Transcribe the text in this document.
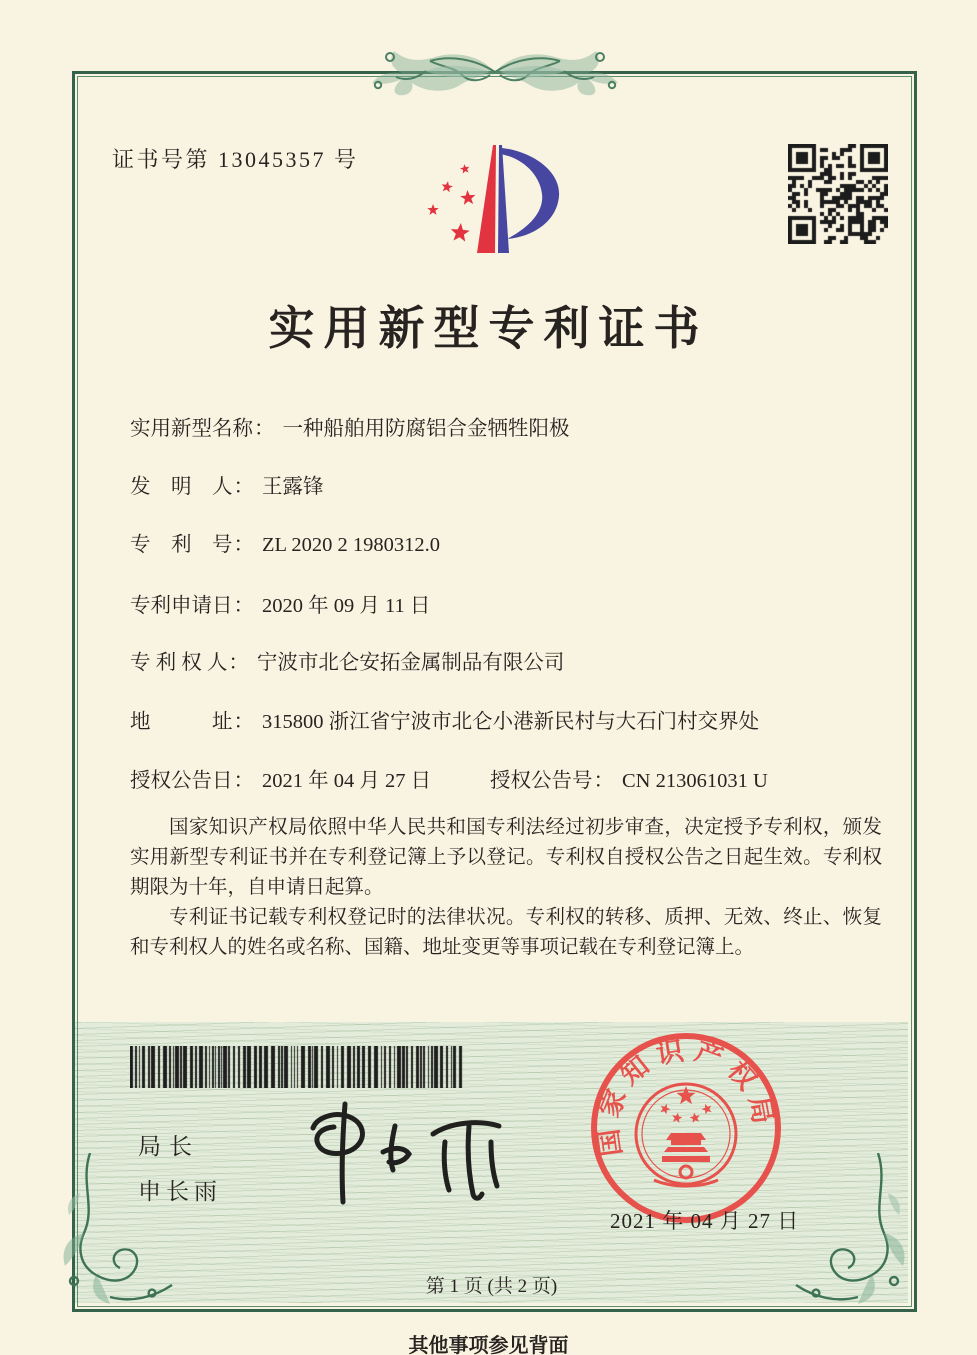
证书号第 13045357 号
实用新型专利证书
实用新型名称： 一种船舶用防腐铝合金牺牲阳极
发　明　人： 王露锋
专　利　号： ZL 2020 2 1980312.0
专利申请日： 2020 年 09 月 11 日
专 利 权 人： 宁波市北仑安拓金属制品有限公司
地　　　址： 315800 浙江省宁波市北仑小港新民村与大石门村交界处
授权公告日： 2021 年 04 月 27 日	授权公告号： CN 213061031 U

国家知识产权局依照中华人民共和国专利法经过初步审查，决定授予专利权，颁发实用新型专利证书并在专利登记簿上予以登记。专利权自授权公告之日起生效。专利权期限为十年，自申请日起算。

专利证书记载专利权登记时的法律状况。专利权的转移、质押、无效、终止、恢复和专利权人的姓名或名称、国籍、地址变更等事项记载在专利登记簿上。

局长
申长雨
国家知识产权局
2021 年 04 月 27 日
第 1 页 (共 2 页)
其他事项参见背面
